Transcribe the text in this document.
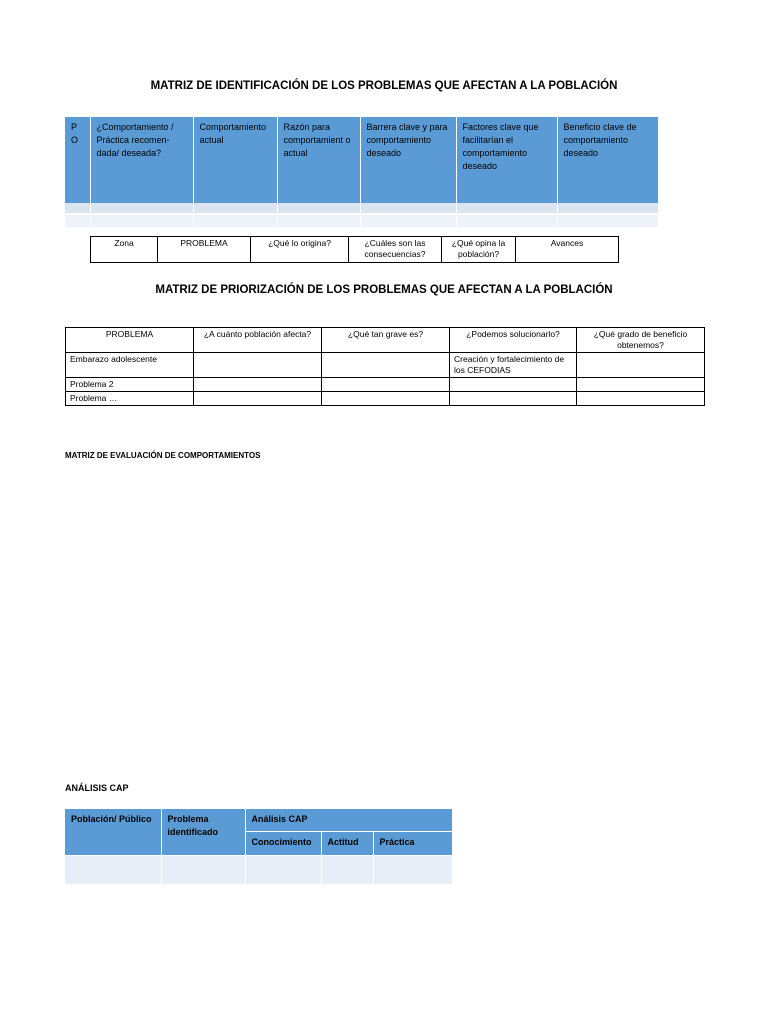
MATRIZ DE IDENTIFICACIÓN DE LOS PROBLEMAS QUE AFECTAN A LA POBLACIÓN
P O	¿Comportamiento / Práctica recomen-dada/ deseada?	Comportamiento actual	Razón para comportamient o actual	Barrera clave y para comportamiento deseado	Factores clave que facilitarían el comportamiento deseado	Beneficio clave de comportamiento deseado

Zona	PROBLEMA	¿Qué lo origina?	¿Cuáles son las consecuencias?	¿Qué opina la población?	Avances
MATRIZ DE PRIORIZACIÓN DE LOS PROBLEMAS QUE AFECTAN A LA POBLACIÓN
PROBLEMA	¿A cuánto población afecta?	¿Qué tan grave es?	¿Podemos solucionarlo?	¿Qué grado de beneficio obtenemos?
Embarazo adolescente			Creación y fortalecimiento de los CEFODIAS	
Problema 2				
Problema …				
MATRIZ DE EVALUACIÓN DE COMPORTAMIENTOS
ANÁLISIS CAP
Población/ Público	Problema identificado	Análisis CAP		
		Conocimiento	Actitud	Práctica
